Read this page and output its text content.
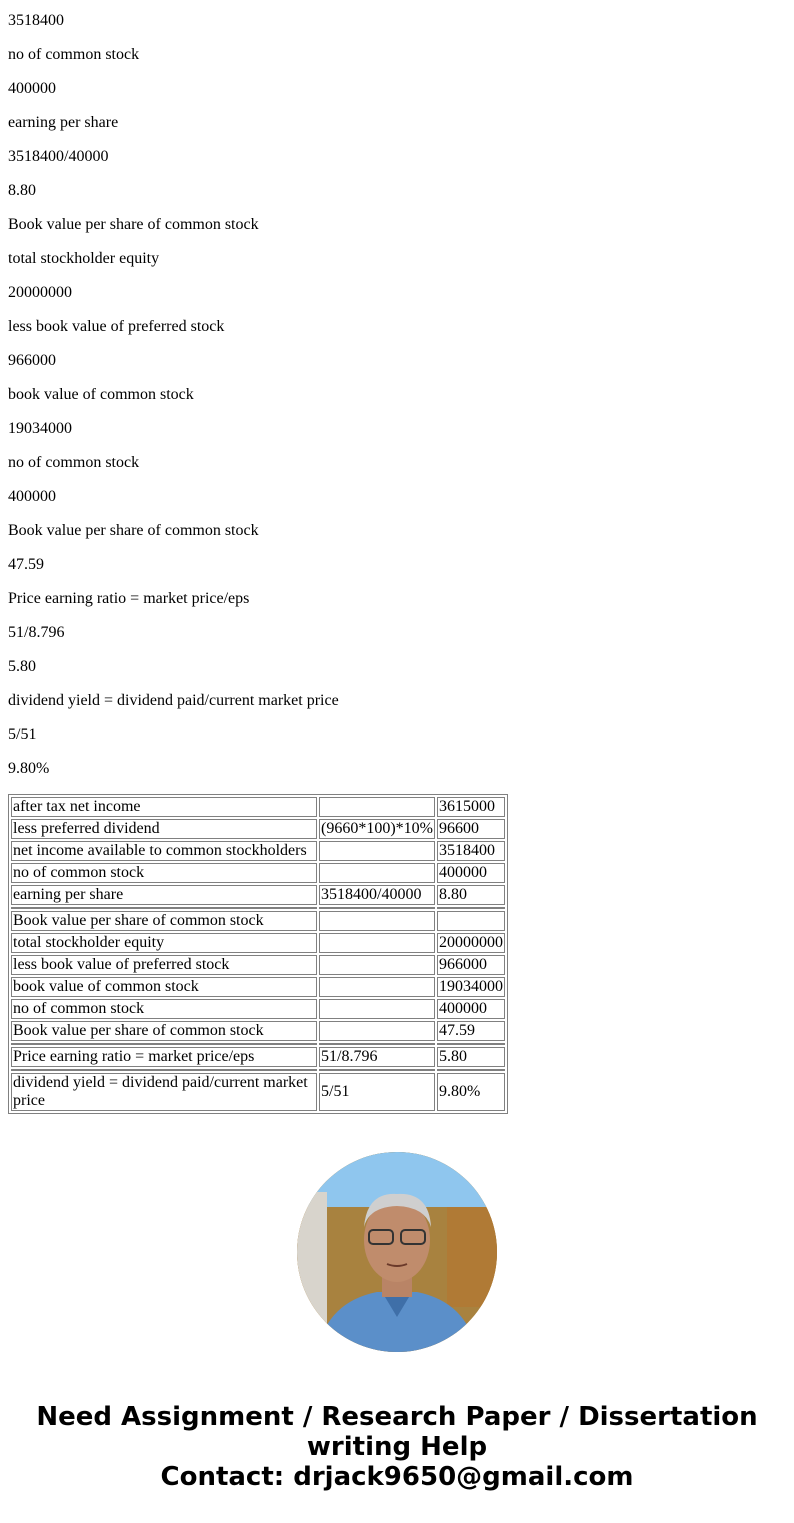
3518400

no of common stock

400000

earning per share

3518400/40000

8.80

Book value per share of common stock

total stockholder equity

20000000

less book value of preferred stock

966000

book value of common stock

19034000

no of common stock

400000

Book value per share of common stock

47.59

Price earning ratio = market price/eps

51/8.796

5.80

dividend yield = dividend paid/current market price

5/51

9.80%

after tax net income		3615000
less preferred dividend	(9660*100)*10%	96600
net income available to common stockholders		3518400
no of common stock		400000
earning per share	3518400/40000	8.80

Book value per share of common stock		
total stockholder equity		20000000
less book value of preferred stock		966000
book value of common stock		19034000
no of common stock		400000
Book value per share of common stock		47.59

Price earning ratio = market price/eps	51/8.796	5.80

dividend yield = dividend paid/current market price	5/51	9.80%
Need Assignment / Research Paper / Dissertation writing Help
Contact: drjack9650@gmail.com
